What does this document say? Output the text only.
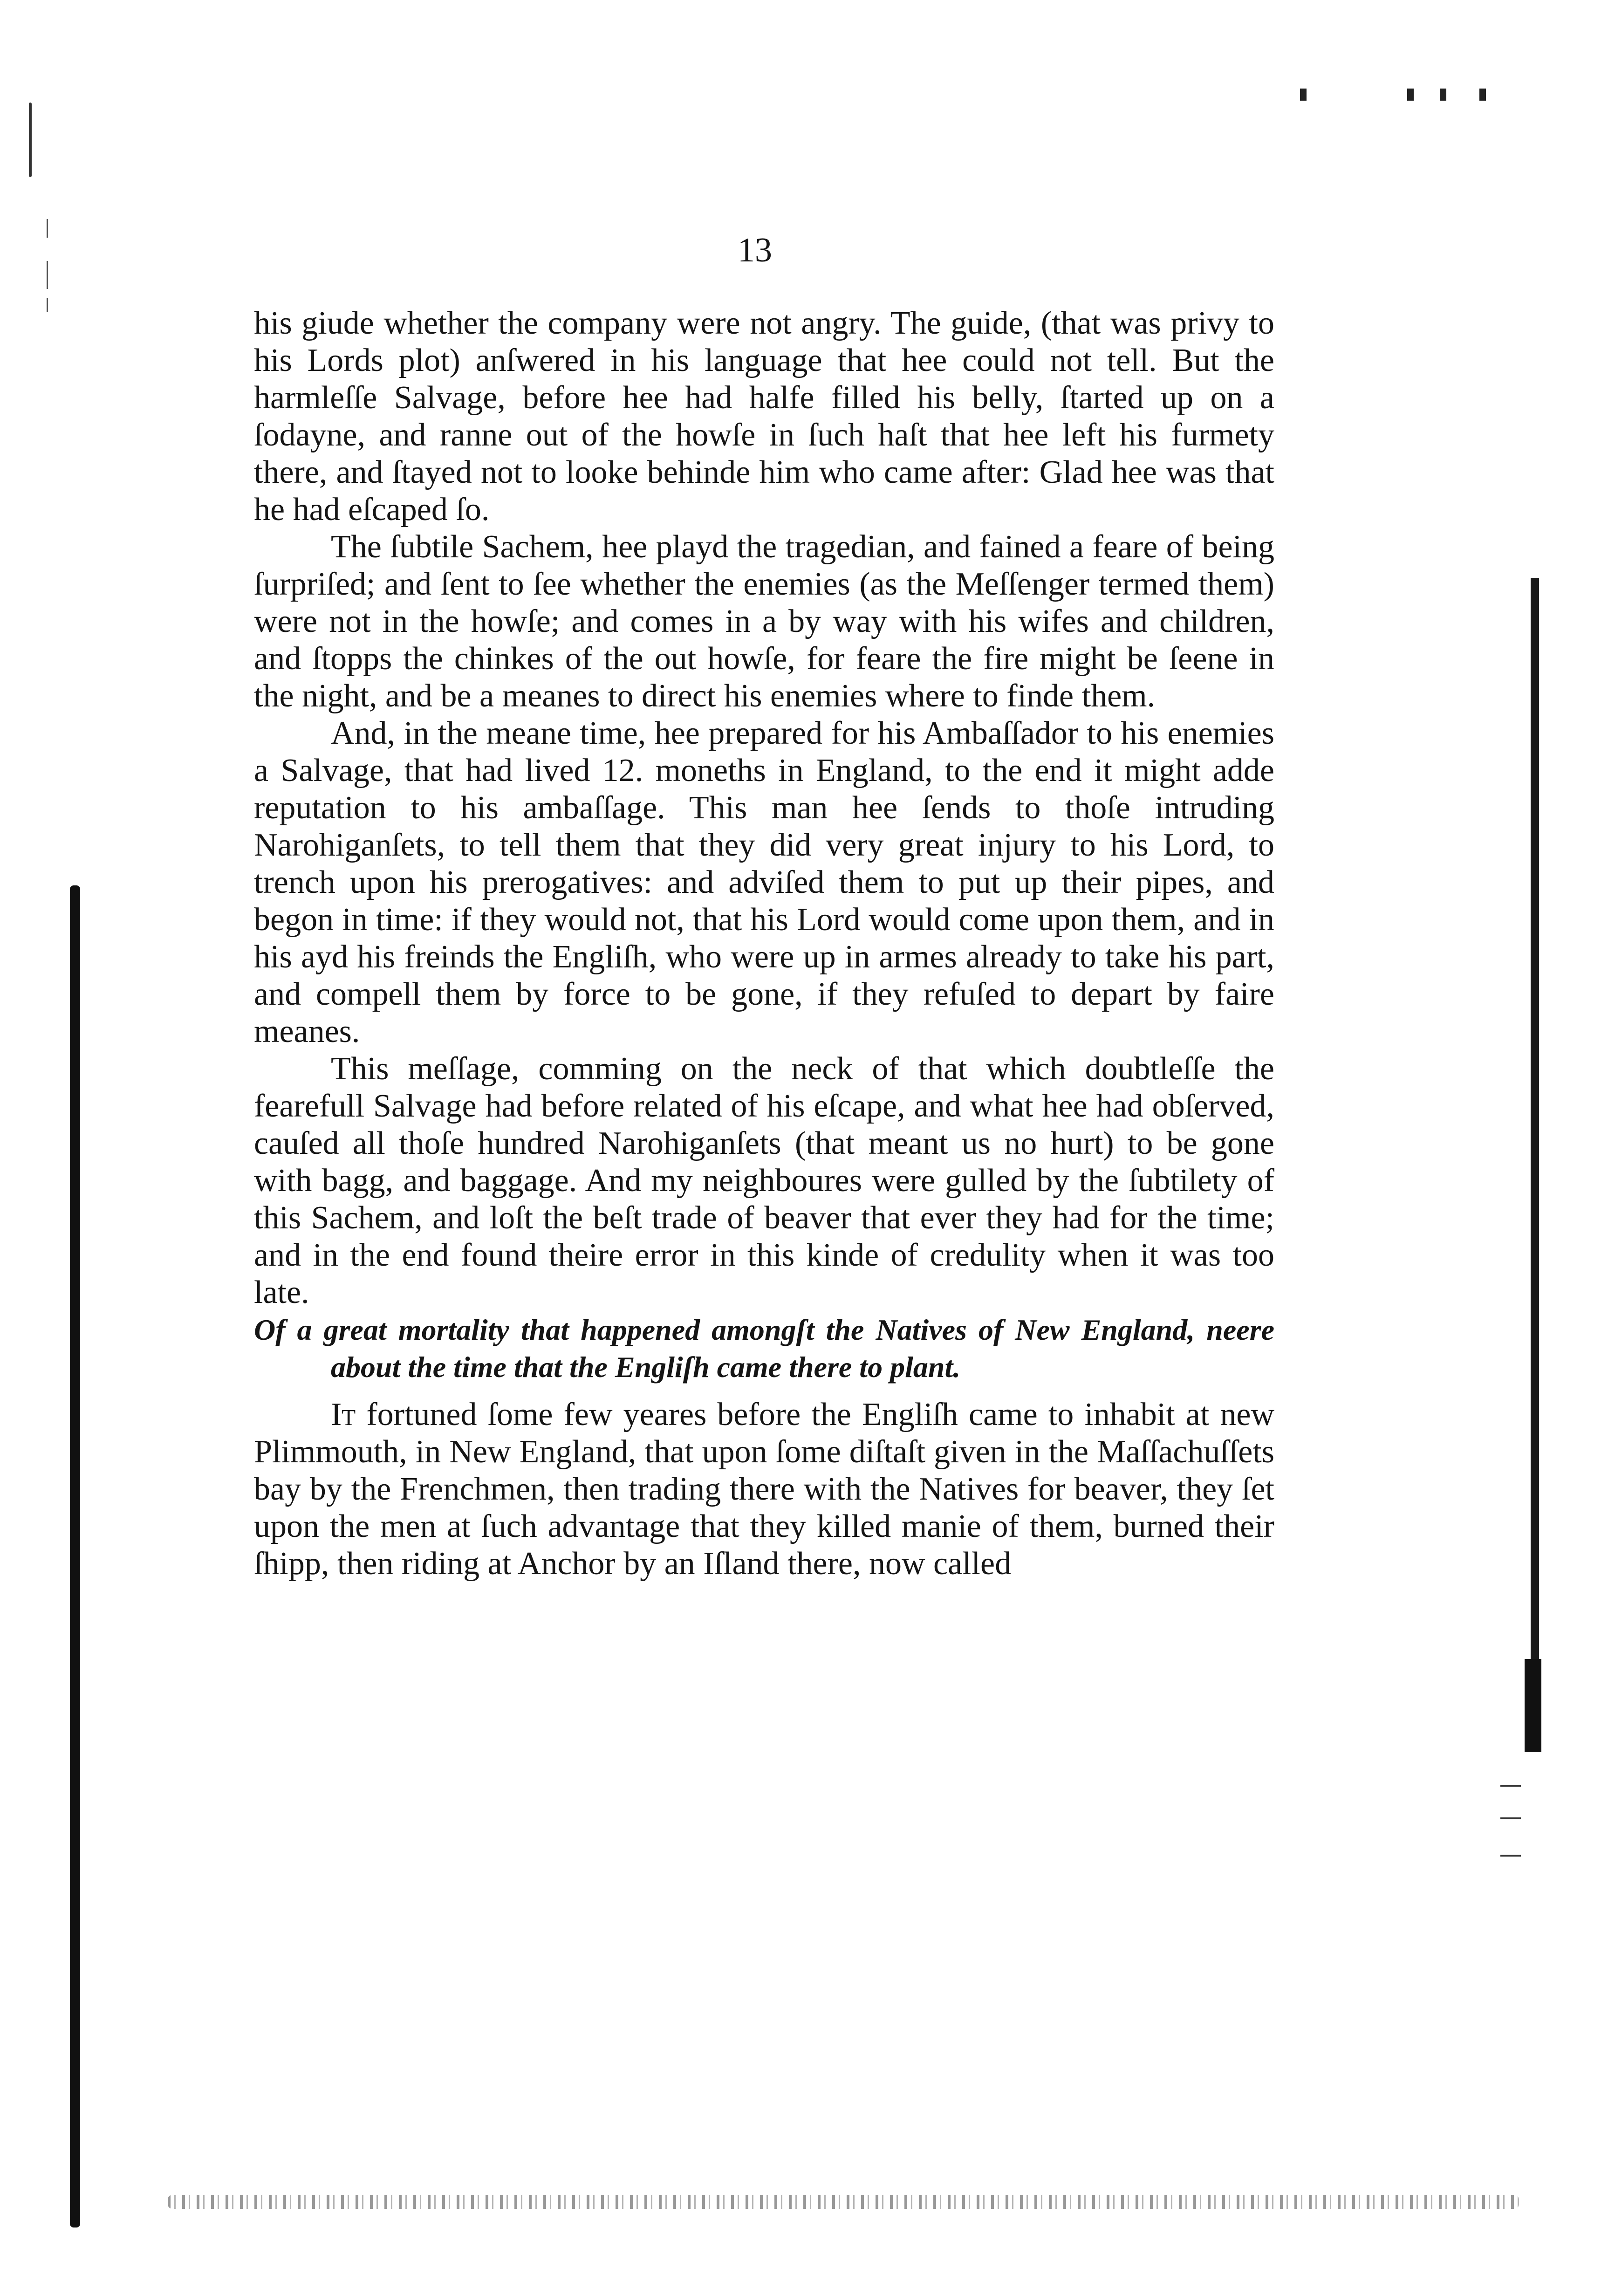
13

his giude whether the company were not angry. The guide, (that was privy to his Lords plot) anſwered in his language that hee could not tell. But the harmleſſe Salvage, before hee had halfe filled his belly, ſtarted up on a ſodayne, and ranne out of the howſe in ſuch haſt that hee left his furmety there, and ſtayed not to looke behinde him who came after: Glad hee was that he had eſcaped ſo.

The ſubtile Sachem, hee playd the tragedian, and fained a feare of being ſurpriſed; and ſent to ſee whether the enemies (as the Meſſenger termed them) were not in the howſe; and comes in a by way with his wifes and children, and ſtopps the chinkes of the out howſe, for feare the fire might be ſeene in the night, and be a meanes to direct his enemies where to finde them.

And, in the meane time, hee prepared for his Ambaſſador to his enemies a Salvage, that had lived 12. moneths in England, to the end it might adde reputation to his ambaſſage. This man hee ſends to thoſe intruding Narohiganſets, to tell them that they did very great injury to his Lord, to trench upon his prerogatives: and adviſed them to put up their pipes, and begon in time: if they would not, that his Lord would come upon them, and in his ayd his freinds the Engliſh, who were up in armes already to take his part, and compell them by force to be gone, if they refuſed to depart by faire meanes.

This meſſage, comming on the neck of that which doubtleſſe the fearefull Salvage had before related of his eſcape, and what hee had obſerved, cauſed all thoſe hundred Narohiganſets (that meant us no hurt) to be gone with bagg, and baggage. And my neighboures were gulled by the ſubtilety of this Sachem, and loſt the beſt trade of beaver that ever they had for the time; and in the end found theire error in this kinde of credulity when it was too late.

Of a great mortality that happened amongſt the Natives of New England, neere about the time that the Engliſh came there to plant.

It fortuned ſome few yeares before the Engliſh came to inhabit at new Plimmouth, in New England, that upon ſome diſtaſt given in the Maſſachuſſets bay by the Frenchmen, then trading there with the Natives for beaver, they ſet upon the men at ſuch advantage that they killed manie of them, burned their ſhipp, then riding at Anchor by an Iſland there, now called
